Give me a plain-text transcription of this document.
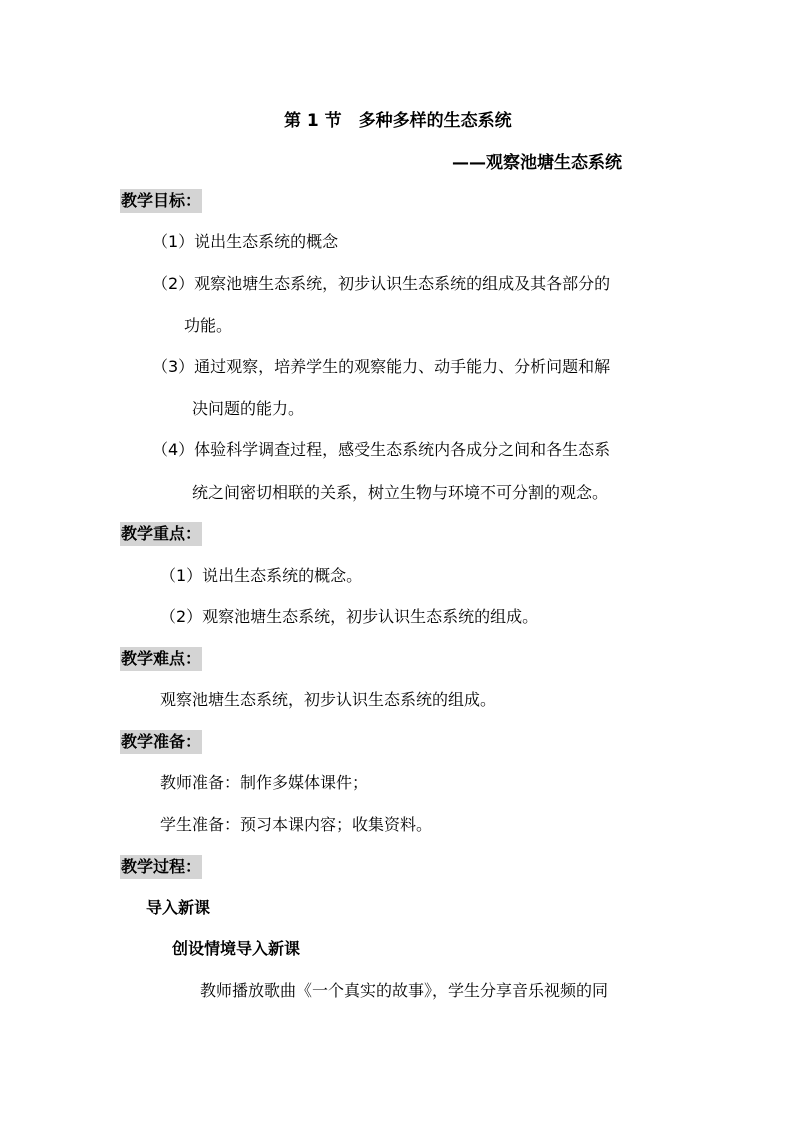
第 1 节　多种多样的生态系统
——观察池塘生态系统
教学目标：
（1）说出生态系统的概念
（2）观察池塘生态系统，初步认识生态系统的组成及其各部分的
功能。
（3）通过观察，培养学生的观察能力、动手能力、分析问题和解
决问题的能力。
（4）体验科学调查过程，感受生态系统内各成分之间和各生态系
统之间密切相联的关系，树立生物与环境不可分割的观念。
教学重点：
（1）说出生态系统的概念。
（2）观察池塘生态系统，初步认识生态系统的组成。
教学难点：
观察池塘生态系统，初步认识生态系统的组成。
教学准备：
教师准备：制作多媒体课件；
学生准备：预习本课内容；收集资料。
教学过程：
导入新课
创设情境导入新课
教师播放歌曲《一个真实的故事》，学生分享音乐视频的同
